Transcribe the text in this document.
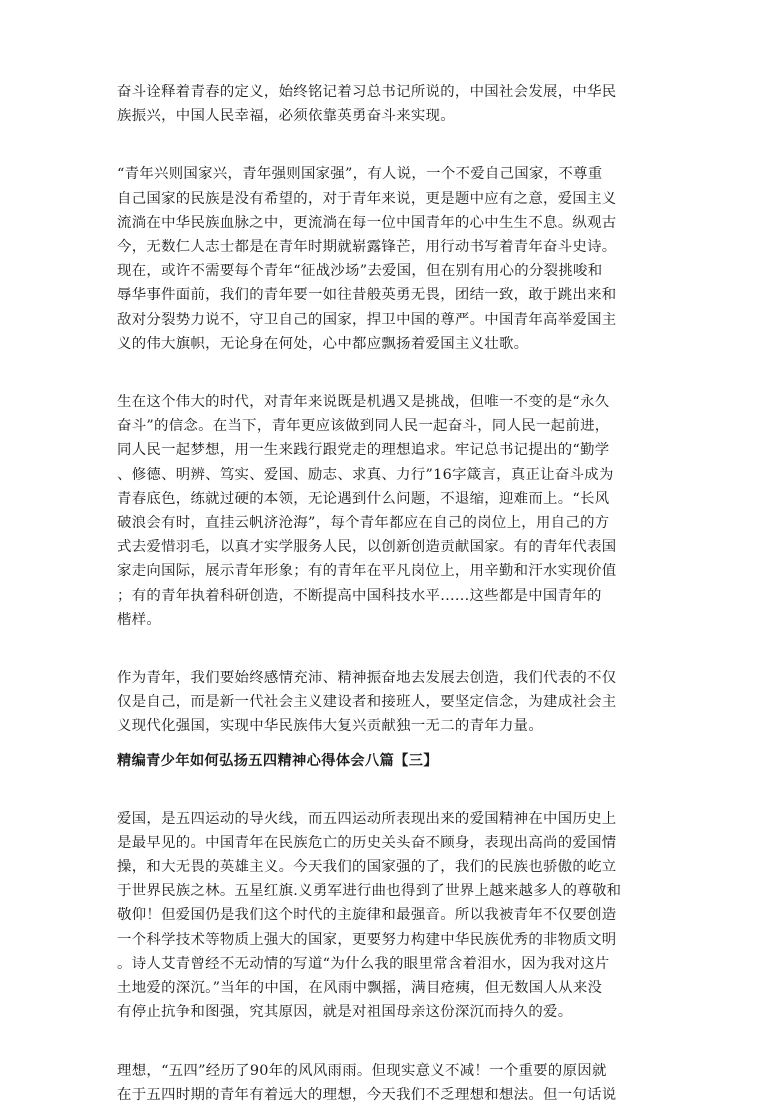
奋斗诠释着青春的定义，始终铭记着习总书记所说的，中国社会发展，中华民
族振兴，中国人民幸福，必须依靠英勇奋斗来实现。

“青年兴则国家兴，青年强则国家强”，有人说，一个不爱自己国家，不尊重
自己国家的民族是没有希望的，对于青年来说，更是题中应有之意，爱国主义
流淌在中华民族血脉之中，更流淌在每一位中国青年的心中生生不息。纵观古
今，无数仁人志士都是在青年时期就崭露锋芒，用行动书写着青年奋斗史诗。
现在，或许不需要每个青年“征战沙场”去爱国，但在别有用心的分裂挑唆和
辱华事件面前，我们的青年要一如往昔般英勇无畏，团结一致，敢于跳出来和
敌对分裂势力说不，守卫自己的国家，捍卫中国的尊严。中国青年高举爱国主
义的伟大旗帜，无论身在何处，心中都应飘扬着爱国主义壮歌。

生在这个伟大的时代，对青年来说既是机遇又是挑战，但唯一不变的是“永久
奋斗”的信念。在当下，青年更应该做到同人民一起奋斗，同人民一起前进，
同人民一起梦想，用一生来践行跟党走的理想追求。牢记总书记提出的“勤学
、修德、明辨、笃实、爱国、励志、求真、力行”16字箴言，真正让奋斗成为
青春底色，练就过硬的本领，无论遇到什么问题，不退缩，迎难而上。“长风
破浪会有时，直挂云帆济沧海”，每个青年都应在自己的岗位上，用自己的方
式去爱惜羽毛，以真才实学服务人民，以创新创造贡献国家。有的青年代表国
家走向国际，展示青年形象；有的青年在平凡岗位上，用辛勤和汗水实现价值
；有的青年执着科研创造，不断提高中国科技水平......这些都是中国青年的
楷样。

作为青年，我们要始终感情充沛、精神振奋地去发展去创造，我们代表的不仅
仅是自己，而是新一代社会主义建设者和接班人，要坚定信念，为建成社会主
义现代化强国，实现中华民族伟大复兴贡献独一无二的青年力量。

精编青少年如何弘扬五四精神心得体会八篇【三】

爱国，是五四运动的导火线，而五四运动所表现出来的爱国精神在中国历史上
是最早见的。中国青年在民族危亡的历史关头奋不顾身，表现出高尚的爱国情
操，和大无畏的英雄主义。今天我们的国家强的了，我们的民族也骄傲的屹立
于世界民族之林。五星红旗.义勇军进行曲也得到了世界上越来越多人的尊敬和
敬仰！但爱国仍是我们这个时代的主旋律和最强音。所以我被青年不仅要创造
一个科学技术等物质上强大的国家，更要努力构建中华民族优秀的非物质文明
。诗人艾青曾经不无动情的写道“为什么我的眼里常含着泪水，因为我对这片
土地爱的深沉。”当年的中国，在风雨中飘摇，满目疮痍，但无数国人从来没
有停止抗争和图强，究其原因，就是对祖国母亲这份深沉而持久的爱。

理想，“五四”经历了90年的风风雨雨。但现实意义不减！一个重要的原因就
在于五四时期的青年有着远大的理想，今天我们不乏理想和想法。但一句话说
